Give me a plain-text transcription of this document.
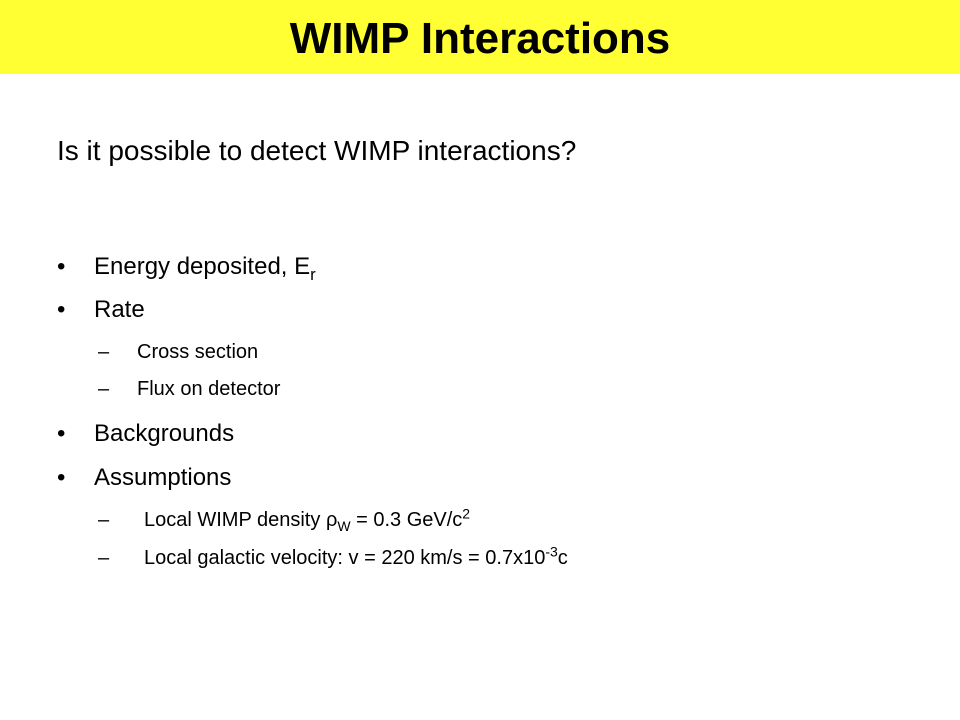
WIMP Interactions
Is it possible to detect WIMP interactions?
• Energy deposited, $E_r$
• Rate
– Cross section
– Flux on detector
• Backgrounds
• Assumptions
– Local WIMP density $\rho_W = 0.3$ GeV/$c^2$
– Local galactic velocity: v = 220 $km/s = 0.7x10^{-3}c$
